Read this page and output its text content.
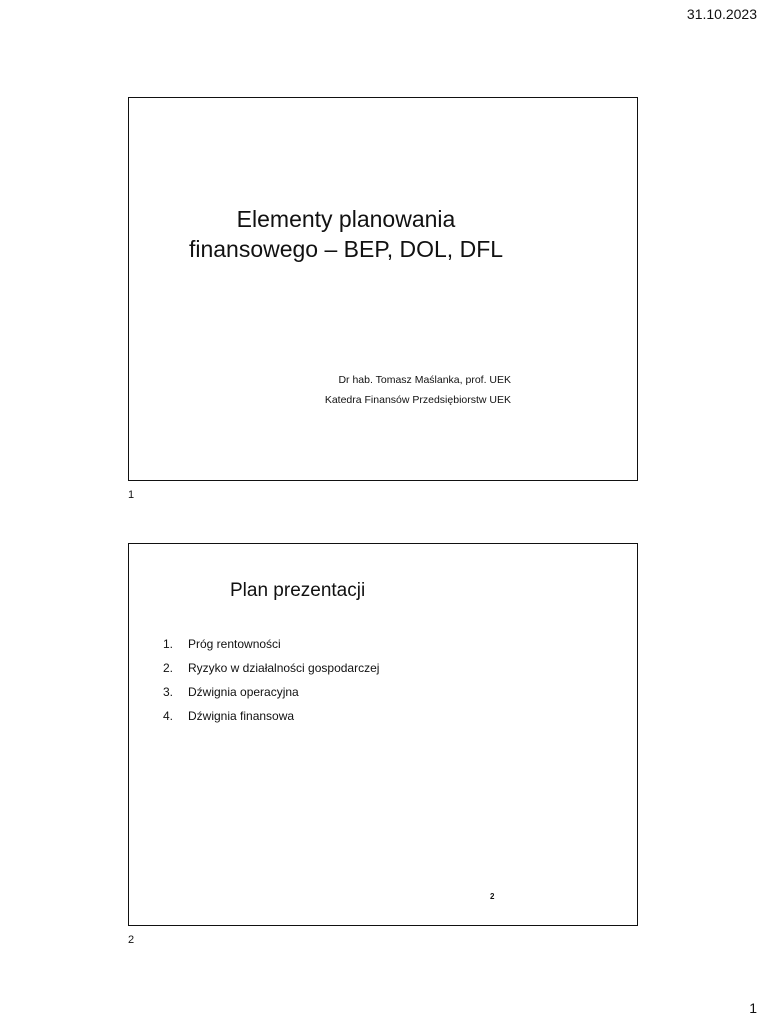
31.10.2023
Elementy planowania
finansowego – BEP, DOL, DFL
Dr hab. Tomasz Maślanka, prof. UEK
Katedra Finansów Przedsiębiorstw UEK
1
Plan prezentacji
1.	Próg rentowności
2.	Ryzyko w działalności gospodarczej
3.	Dźwignia operacyjna
4.	Dźwignia finansowa
2
2
1
